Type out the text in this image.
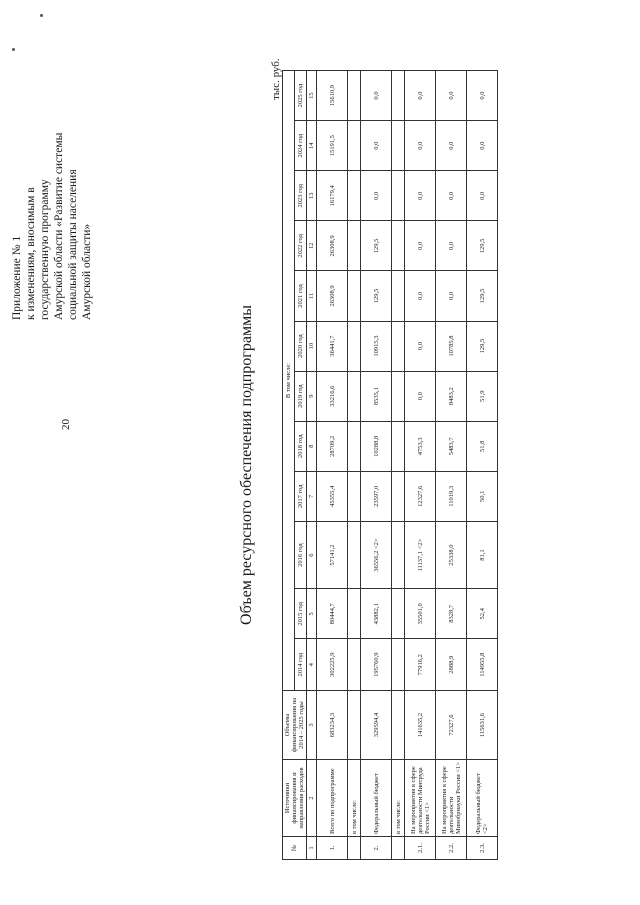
20
Приложение № 1 к изменениям, вносимым в государственную программу Амурской области «Развитие системы социальной защиты населения Амурской области»
Объем ресурсного обеспечения подпрограммы
тыс. руб.
№	Источники финансирования и направления расходов	Объемы финансирования на 2014 – 2025 годы	В том числе:											
			2014 год	2015 год	2016 год	2017 год	2018 год	2019 год	2020 год	2021 год	2022 год	2023 год	2024 год	2025 год
1	2	3	4	5	6	7	8	9	10	11	12	13	14	15
1.	Всего по подпрограмме	683234,3	302225,9	80444,7	57141,2	45355,4	28709,2	33216,6	36441,7	26308,9	26308,9	16179,4	15191,5	15610,9
	в том числе:													
2.	Федеральный бюджет	329594,4	195760,9	43882,1	36556,2 <2>	23597,0	10288,8	8535,1	10915,3	129,5	129,5	0,0	0,0	0,0
	в том числе:													
2.1.	На мероприятия в сфере деятельности Минтруда России <1>	141635,2	77916,2	35501,0	11137,1 <2>	12327,6	4753,3	0,0	0,0	0,0	0,0	0,0	0,0	0,0
2.2.	На мероприятия в сфере деятельности Минобрнауки России <1>	72327,6	2888,9	8328,7	25338,0	11019,3	5483,7	8483,2	10785,8	0,0	0,0	0,0	0,0	0,0
2.3.	Федеральный бюджет <2>	115631,6	114955,8	52,4	81,1	50,1	51,8	51,9	129,5	129,5	129,5	0,0	0,0	0,0
